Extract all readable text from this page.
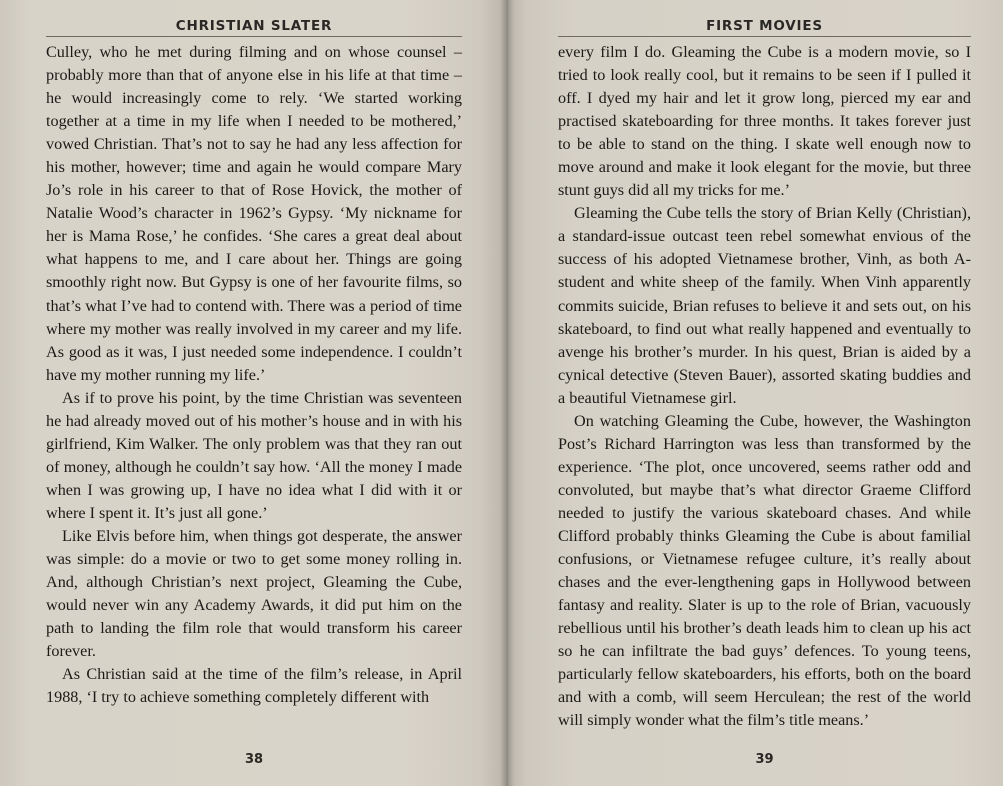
CHRISTIAN SLATER

Culley, who he met during filming and on whose counsel – probably more than that of anyone else in his life at that time – he would increasingly come to rely. ‘We started working together at a time in my life when I needed to be mothered,’ vowed Christian. That’s not to say he had any less affection for his mother, however; time and again he would compare Mary Jo’s role in his career to that of Rose Hovick, the mother of Natalie Wood’s character in 1962’s Gypsy. ‘My nickname for her is Mama Rose,’ he confides. ‘She cares a great deal about what happens to me, and I care about her. Things are going smoothly right now. But Gypsy is one of her favourite films, so that’s what I’ve had to contend with. There was a period of time where my mother was really involved in my career and my life. As good as it was, I just needed some independence. I couldn’t have my mother running my life.’

As if to prove his point, by the time Christian was seventeen he had already moved out of his mother’s house and in with his girlfriend, Kim Walker. The only problem was that they ran out of money, although he couldn’t say how. ‘All the money I made when I was growing up, I have no idea what I did with it or where I spent it. It’s just all gone.’

Like Elvis before him, when things got desperate, the answer was simple: do a movie or two to get some money rolling in. And, although Christian’s next project, Gleaming the Cube, would never win any Academy Awards, it did put him on the path to landing the film role that would transform his career forever.

As Christian said at the time of the film’s release, in April 1988, ‘I try to achieve something completely different with

38
FIRST MOVIES

every film I do. Gleaming the Cube is a modern movie, so I tried to look really cool, but it remains to be seen if I pulled it off. I dyed my hair and let it grow long, pierced my ear and practised skateboarding for three months. It takes forever just to be able to stand on the thing. I skate well enough now to move around and make it look elegant for the movie, but three stunt guys did all my tricks for me.’

Gleaming the Cube tells the story of Brian Kelly (Christian), a standard-issue outcast teen rebel somewhat envious of the success of his adopted Vietnamese brother, Vinh, as both A-student and white sheep of the family. When Vinh apparently commits suicide, Brian refuses to believe it and sets out, on his skateboard, to find out what really happened and eventually to avenge his brother’s murder. In his quest, Brian is aided by a cynical detective (Steven Bauer), assorted skating buddies and a beautiful Vietnamese girl.

On watching Gleaming the Cube, however, the Washington Post’s Richard Harrington was less than transformed by the experience. ‘The plot, once uncovered, seems rather odd and convoluted, but maybe that’s what director Graeme Clifford needed to justify the various skateboard chases. And while Clifford probably thinks Gleaming the Cube is about familial confusions, or Vietnamese refugee culture, it’s really about chases and the ever-lengthening gaps in Hollywood between fantasy and reality. Slater is up to the role of Brian, vacuously rebellious until his brother’s death leads him to clean up his act so he can infiltrate the bad guys’ defences. To young teens, particularly fellow skateboarders, his efforts, both on the board and with a comb, will seem Herculean; the rest of the world will simply wonder what the film’s title means.’

39
